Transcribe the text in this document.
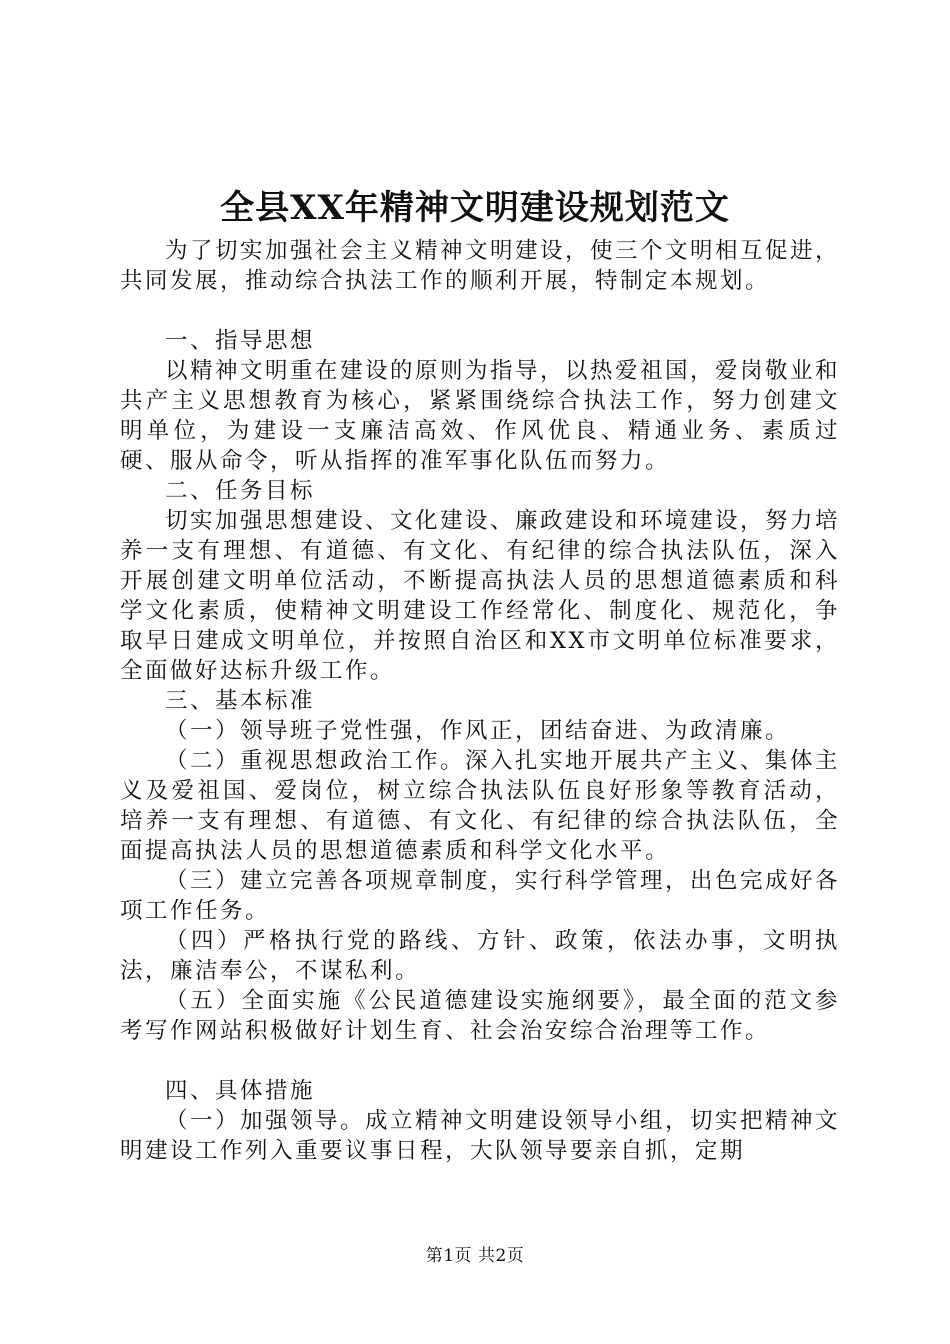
全县XX年精神文明建设规划范文

为了切实加强社会主义精神文明建设，使三个文明相互促进，共同发展，推动综合执法工作的顺利开展，特制定本规划。

一、指导思想

以精神文明重在建设的原则为指导，以热爱祖国，爱岗敬业和共产主义思想教育为核心，紧紧围绕综合执法工作，努力创建文明单位，为建设一支廉洁高效、作风优良、精通业务、素质过硬、服从命令，听从指挥的准军事化队伍而努力。

二、任务目标

切实加强思想建设、文化建设、廉政建设和环境建设，努力培养一支有理想、有道德、有文化、有纪律的综合执法队伍，深入开展创建文明单位活动，不断提高执法人员的思想道德素质和科学文化素质，使精神文明建设工作经常化、制度化、规范化，争取早日建成文明单位，并按照自治区和XX市文明单位标准要求，全面做好达标升级工作。

三、基本标准

（一）领导班子党性强，作风正，团结奋进、为政清廉。

（二）重视思想政治工作。深入扎实地开展共产主义、集体主义及爱祖国、爱岗位，树立综合执法队伍良好形象等教育活动，培养一支有理想、有道德、有文化、有纪律的综合执法队伍，全面提高执法人员的思想道德素质和科学文化水平。

（三）建立完善各项规章制度，实行科学管理，出色完成好各项工作任务。

（四）严格执行党的路线、方针、政策，依法办事，文明执法，廉洁奉公，不谋私利。

（五）全面实施《公民道德建设实施纲要》，最全面的范文参考写作网站积极做好计划生育、社会治安综合治理等工作。

四、具体措施

（一）加强领导。成立精神文明建设领导小组，切实把精神文明建设工作列入重要议事日程，大队领导要亲自抓，定期

第1页 共2页
